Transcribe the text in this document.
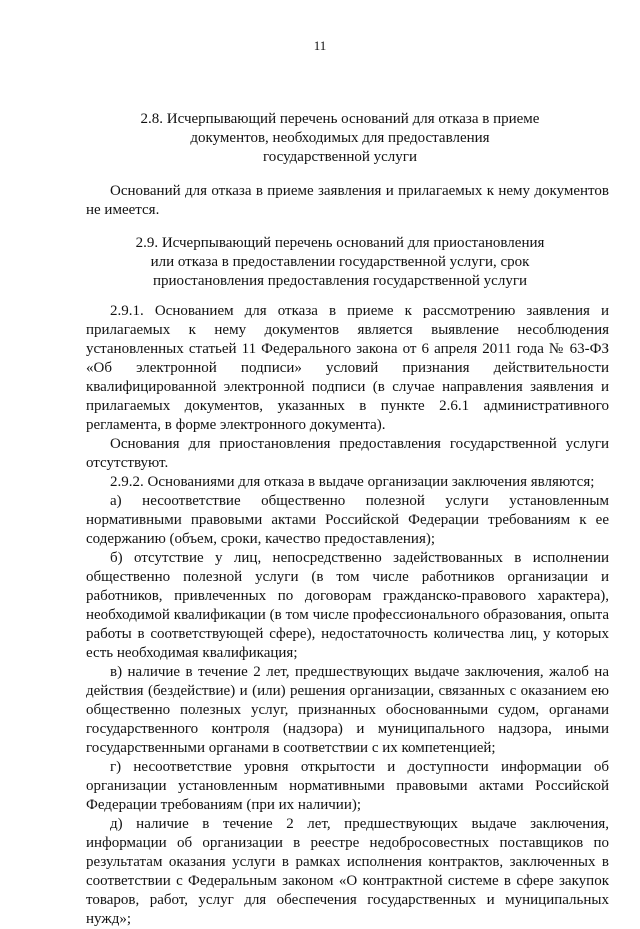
11
2.8. Исчерпывающий перечень оснований для отказа в приеме
документов, необходимых для предоставления
государственной услуги

Оснований для отказа в приеме заявления и прилагаемых к нему документов не имеется.

2.9. Исчерпывающий перечень оснований для приостановления
или отказа в предоставлении государственной услуги, срок
приостановления предоставления государственной услуги

2.9.1. Основанием для отказа в приеме к рассмотрению заявления и прилагаемых к нему документов является выявление несоблюдения установленных статьей 11 Федерального закона от 6 апреля 2011 года № 63-ФЗ «Об электронной подписи» условий признания действительности квалифицированной электронной подписи (в случае направления заявления и прилагаемых документов, указанных в пункте 2.6.1 административного регламента, в форме электронного документа).

Основания для приостановления предоставления государственной услуги отсутствуют.

2.9.2. Основаниями для отказа в выдаче организации заключения являются;

а) несоответствие общественно полезной услуги установленным нормативными правовыми актами Российской Федерации требованиям к ее содержанию (объем, сроки, качество предоставления);

б) отсутствие у лиц, непосредственно задействованных в исполнении общественно полезной услуги (в том числе работников организации и работников, привлеченных по договорам гражданско-правового характера), необходимой квалификации (в том числе профессионального образования, опыта работы в соответствующей сфере), недостаточность количества лиц, у которых есть необходимая квалификация;

в) наличие в течение 2 лет, предшествующих выдаче заключения, жалоб на действия (бездействие) и (или) решения организации, связанных с оказанием ею общественно полезных услуг, признанных обоснованными судом, органами государственного контроля (надзора) и муниципального надзора, иными государственными органами в соответствии с их компетенцией;

г) несоответствие уровня открытости и доступности информации об организации установленным нормативными правовыми актами Российской Федерации требованиям (при их наличии);

д) наличие в течение 2 лет, предшествующих выдаче заключения, информации об организации в реестре недобросовестных поставщиков по результатам оказания услуги в рамках исполнения контрактов, заключенных в соответствии с Федеральным законом «О контрактной системе в сфере закупок товаров, работ, услуг для обеспечения государственных и муниципальных нужд»;
